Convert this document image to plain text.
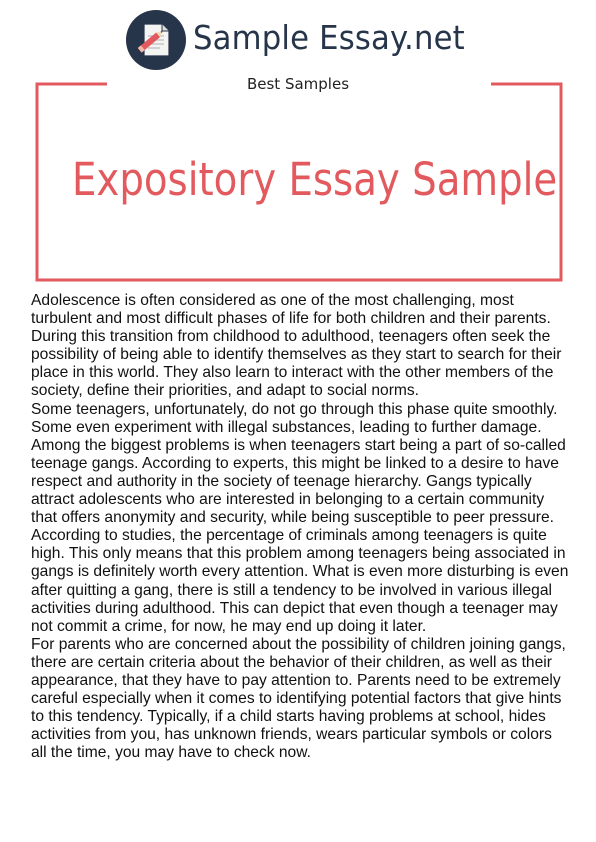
Sample Essay.net
Best Samples
Expository Essay Sample

Adolescence is often considered as one of the most challenging, most turbulent and most difficult phases of life for both children and their parents. During this transition from childhood to adulthood, teenagers often seek the possibility of being able to identify themselves as they start to search for their place in this world. They also learn to interact with the other members of the society, define their priorities, and adapt to social norms.

Some teenagers, unfortunately, do not go through this phase quite smoothly. Some even experiment with illegal substances, leading to further damage. Among the biggest problems is when teenagers start being a part of so-called teenage gangs. According to experts, this might be linked to a desire to have respect and authority in the society of teenage hierarchy. Gangs typically attract adolescents who are interested in belonging to a certain community that offers anonymity and security, while being susceptible to peer pressure.

According to studies, the percentage of criminals among teenagers is quite high. This only means that this problem among teenagers being associated in gangs is definitely worth every attention. What is even more disturbing is even after quitting a gang, there is still a tendency to be involved in various illegal activities during adulthood. This can depict that even though a teenager may not commit a crime, for now, he may end up doing it later.

For parents who are concerned about the possibility of children joining gangs, there are certain criteria about the behavior of their children, as well as their appearance, that they have to pay attention to. Parents need to be extremely careful especially when it comes to identifying potential factors that give hints to this tendency. Typically, if a child starts having problems at school, hides activities from you, has unknown friends, wears particular symbols or colors all the time, you may have to check now.
